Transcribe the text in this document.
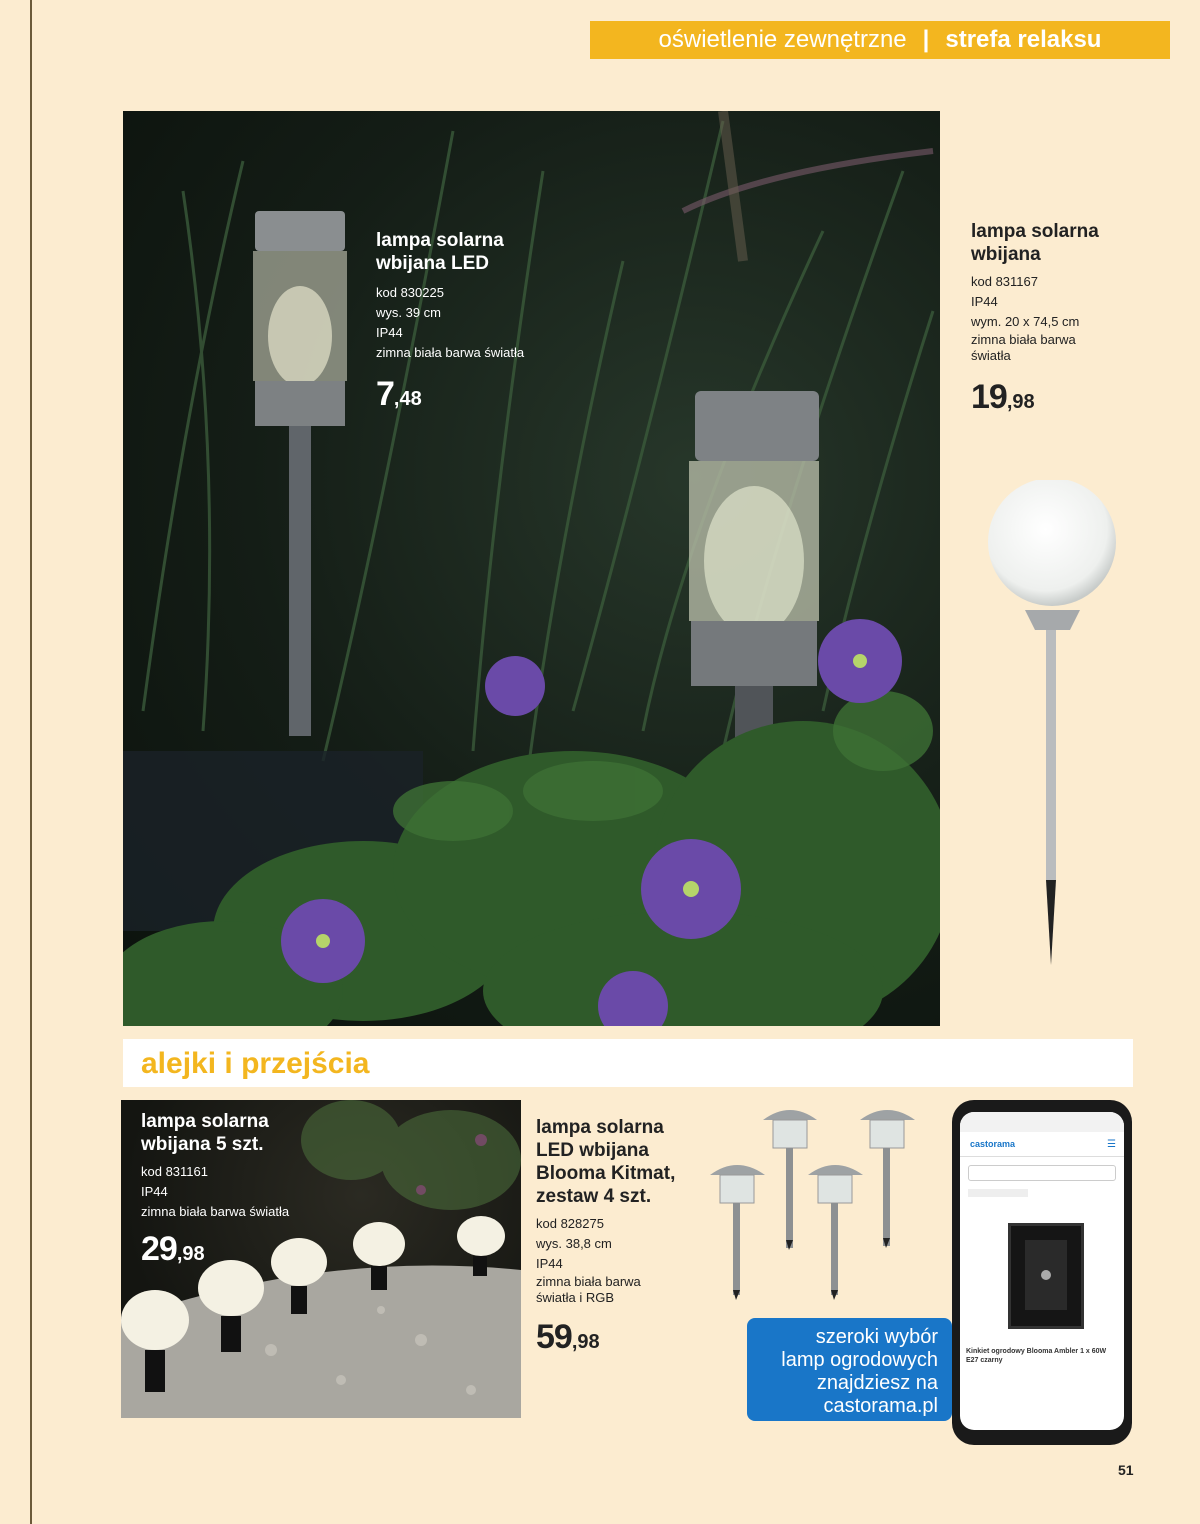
oświetlenie zewnętrzne | strefa relaksu
lampa solarna
wbijana LED
kod 830225
wys. 39 cm
IP44
zimna biała barwa światła
7,48
lampa solarna
wbijana
kod 831167
IP44
wym. 20 x 74,5 cm
zimna biała barwa
światła
19,98
alejki i przejścia
lampa solarna
wbijana 5 szt.
kod 831161
IP44
zimna biała barwa światła
29,98
lampa solarna
LED wbijana
Blooma Kitmat,
zestaw 4 szt.
kod 828275
wys. 38,8 cm
IP44
zimna biała barwa
światła i RGB
59,98	szeroki wybór
lamp ogrodowych
znajdziesz na
castorama.pl
castorama	☰
Kinkiet ogrodowy Blooma Ambler 1 x 60W E27 czarny
51
